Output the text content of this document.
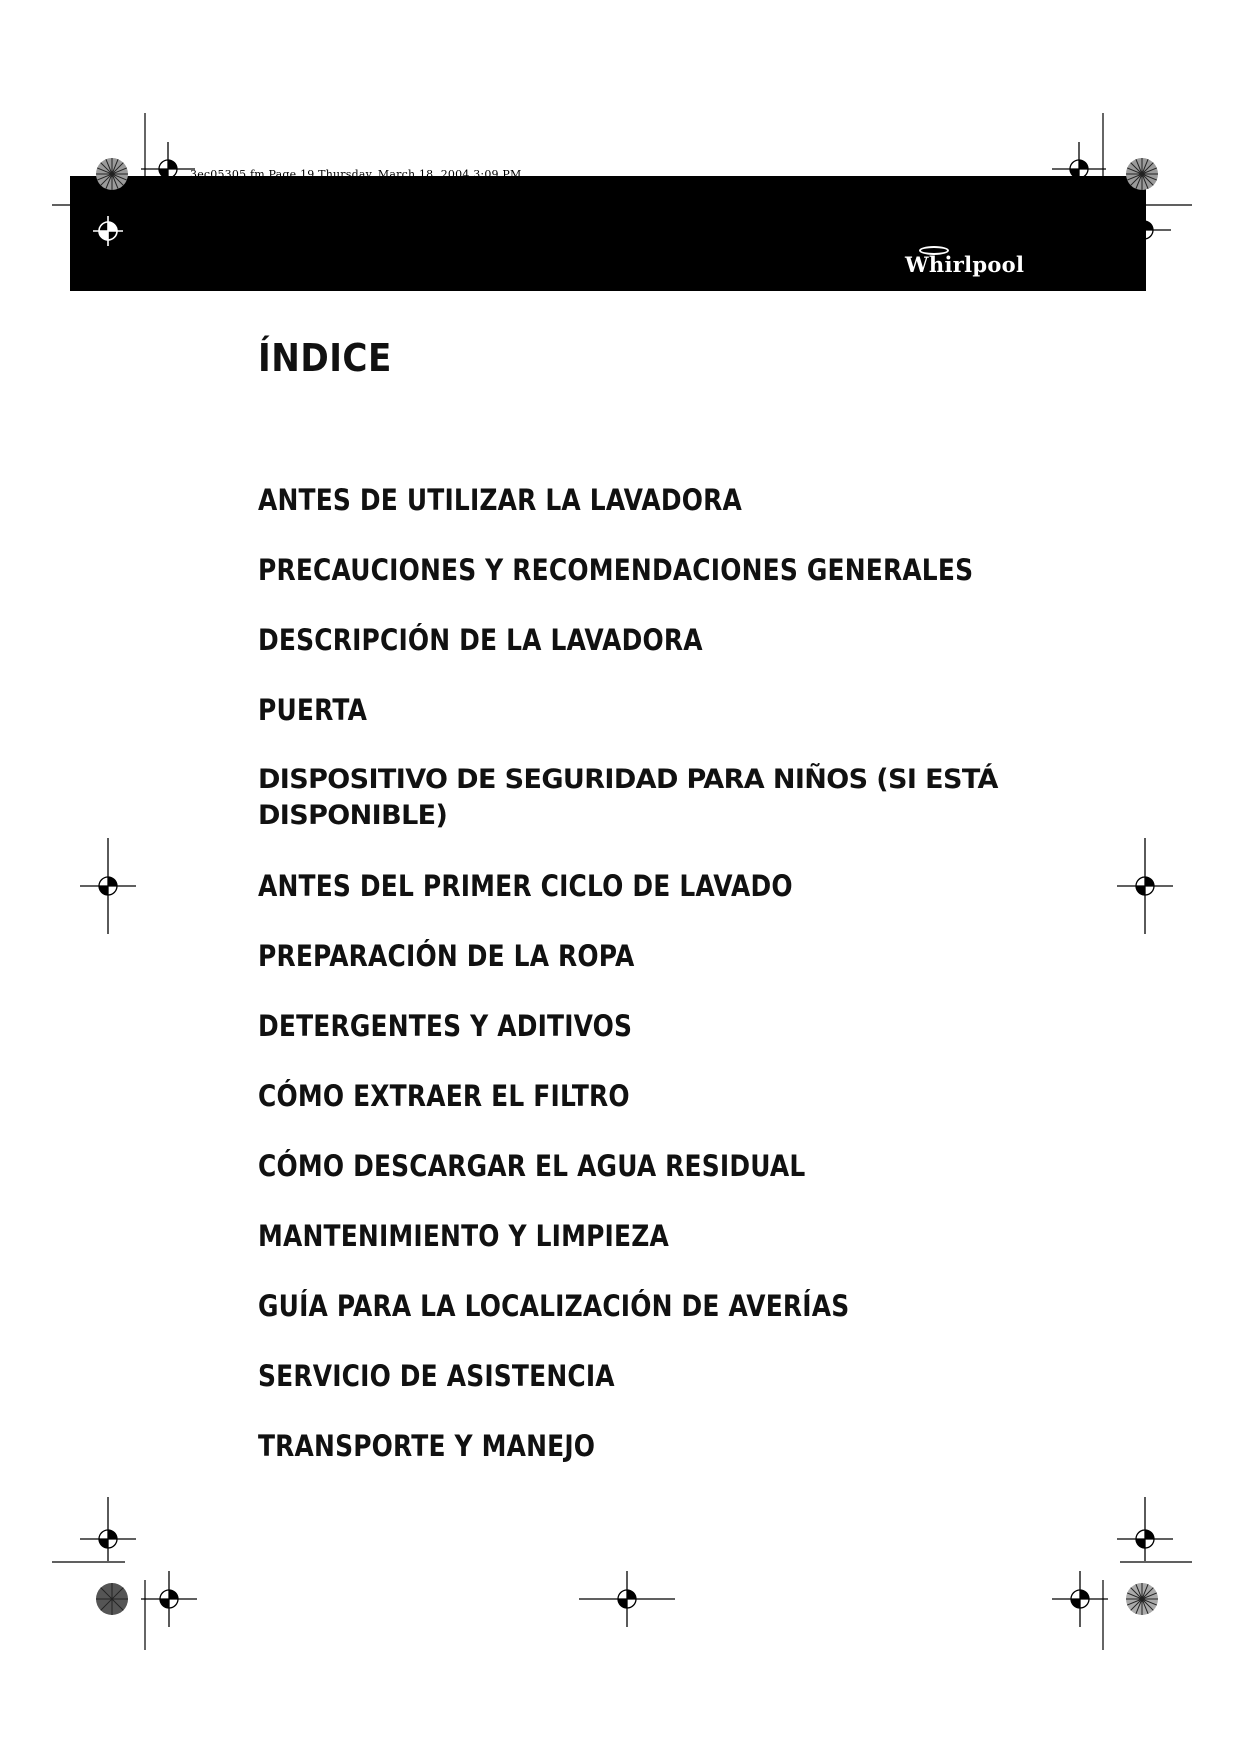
3ec05305.fm Page 19 Thursday, March 18, 2004 3:09 PM
Whirlpool
ÍNDICE
ANTES DE UTILIZAR LA LAVADORA
PRECAUCIONES Y RECOMENDACIONES GENERALES
DESCRIPCIÓN DE LA LAVADORA
PUERTA
DISPOSITIVO DE SEGURIDAD PARA NIÑOS (SI ESTÁ DISPONIBLE)
ANTES DEL PRIMER CICLO DE LAVADO
PREPARACIÓN DE LA ROPA
DETERGENTES Y ADITIVOS
CÓMO EXTRAER EL FILTRO
CÓMO DESCARGAR EL AGUA RESIDUAL
MANTENIMIENTO Y LIMPIEZA
GUÍA PARA LA LOCALIZACIÓN DE AVERÍAS
SERVICIO DE ASISTENCIA
TRANSPORTE Y MANEJO
